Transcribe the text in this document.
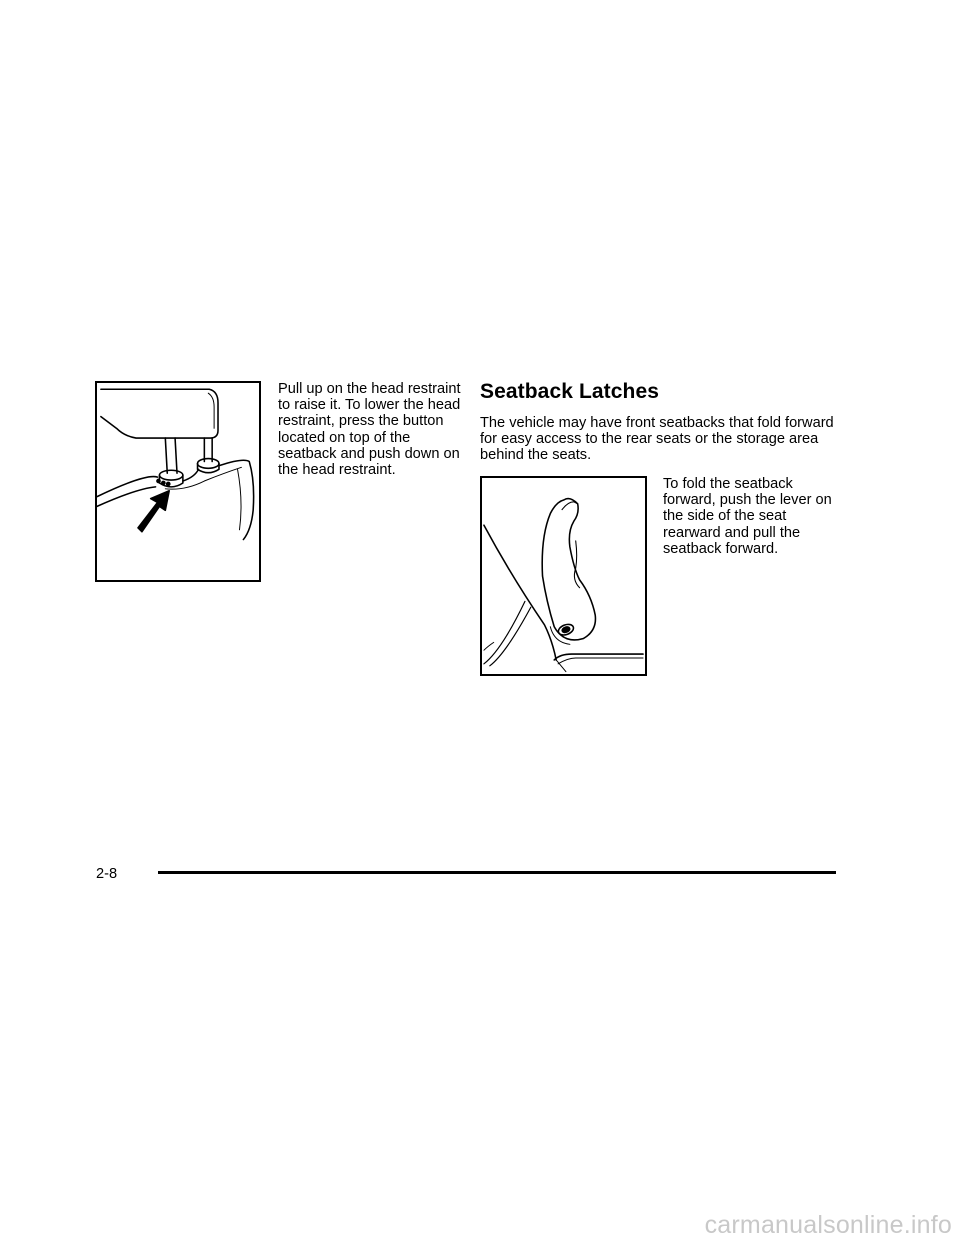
Pull up on the head restraint to raise it. To lower the head restraint, press the button located on top of the seatback and push down on the head restraint.

Seatback Latches

The vehicle may have front seatbacks that fold forward for easy access to the rear seats or the storage area behind the seats.

To fold the seatback forward, push the lever on the side of the seat rearward and pull the seatback forward.

2-8
carmanualsonline.info
